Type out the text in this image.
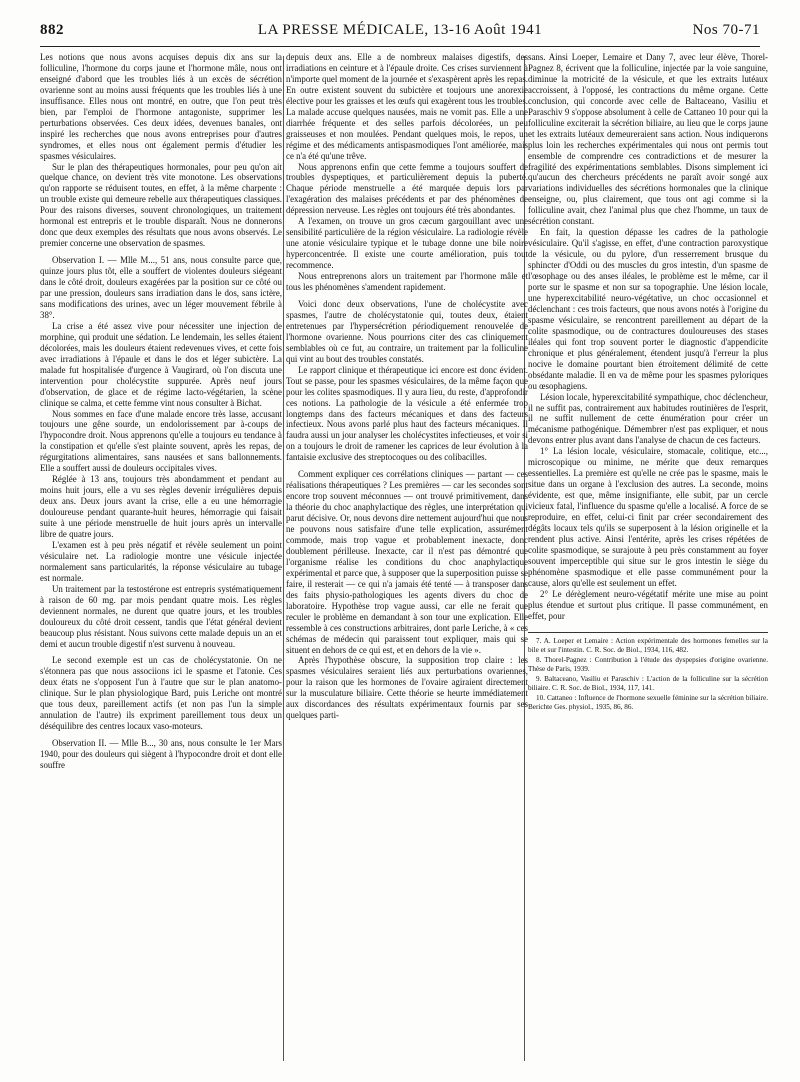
882	LA PRESSE MÉDICALE, 13-16 Août 1941	Nos 70-71

Les notions que nous avons acquises depuis dix ans sur la folliculine, l'hormone du corps jaune et l'hormone mâle, nous ont enseigné d'abord que les troubles liés à un excès de sécrétion ovarienne sont au moins aussi fréquents que les troubles liés à une insuffisance. Elles nous ont montré, en outre, que l'on peut très bien, par l'emploi de l'hormone antagoniste, supprimer les perturbations observées. Ces deux idées, devenues banales, ont inspiré les recherches que nous avons entreprises pour d'autres syndromes, et elles nous ont également permis d'étudier les spasmes vésiculaires.

Sur le plan des thérapeutiques hormonales, pour peu qu'on ait quelque chance, on devient très vite monotone. Les observations qu'on rapporte se réduisent toutes, en effet, à la même charpente : un trouble existe qui demeure rebelle aux thérapeutiques classiques. Pour des raisons diverses, souvent chronologiques, un traitement hormonal est entrepris et le trouble disparaît. Nous ne donnerons donc que deux exemples des résultats que nous avons observés. Le premier concerne une observation de spasmes.

Observation I. — Mlle M..., 51 ans, nous consulte parce que, quinze jours plus tôt, elle a souffert de violentes douleurs siégeant dans le côté droit, douleurs exagérées par la position sur ce côté ou par une pression, douleurs sans irradiation dans le dos, sans ictère, sans modifications des urines, avec un léger mouvement fébrile à 38°.

La crise a été assez vive pour nécessiter une injection de morphine, qui produit une sédation. Le lendemain, les selles étaient décolorées, mais les douleurs étaient redevenues vives, et cette fois avec irradiations à l'épaule et dans le dos et léger subictère. La malade fut hospitalisée d'urgence à Vaugirard, où l'on discuta une intervention pour cholécystite suppurée. Après neuf jours d'observation, de glace et de régime lacto-végétarien, la scène clinique se calma, et cette femme vint nous consulter à Bichat.

Nous sommes en face d'une malade encore très lasse, accusant toujours une gêne sourde, un endolorissement par à-coups de l'hypocondre droit. Nous apprenons qu'elle a toujours eu tendance à la constipation et qu'elle s'est plainte souvent, après les repas, de régurgitations alimentaires, sans nausées et sans ballonnements. Elle a souffert aussi de douleurs occipitales vives.

Réglée à 13 ans, toujours très abondamment et pendant au moins huit jours, elle a vu ses règles devenir irrégulières depuis deux ans. Deux jours avant la crise, elle a eu une hémorragie douloureuse pendant quarante-huit heures, hémorragie qui faisait suite à une période menstruelle de huit jours après un intervalle libre de quatre jours.

L'examen est à peu près négatif et révèle seulement un point vésiculaire net. La radiologie montre une vésicule injectée normalement sans particularités, la réponse vésiculaire au tubage est normale.

Un traitement par la testostérone est entrepris systématiquement à raison de 60 mg. par mois pendant quatre mois. Les règles deviennent normales, ne durent que quatre jours, et les troubles douloureux du côté droit cessent, tandis que l'état général devient beaucoup plus résistant. Nous suivons cette malade depuis un an et demi et aucun trouble digestif n'est survenu à nouveau.

Le second exemple est un cas de cholécystatonie. On ne s'étonnera pas que nous associions ici le spasme et l'atonie. Ces deux états ne s'opposent l'un à l'autre que sur le plan anatomo-clinique. Sur le plan physiologique Bard, puis Leriche ont montré que tous deux, pareillement actifs (et non pas l'un la simple annulation de l'autre) ils expriment pareillement tous deux un déséquilibre des centres locaux vaso-moteurs.

Observation II. — Mlle B..., 30 ans, nous consulte le 1er Mars 1940, pour des douleurs qui siègent à l'hypocondre droit et dont elle souffre

depuis deux ans. Elle a de nombreux malaises digestifs, des irradiations en ceinture et à l'épaule droite. Ces crises surviennent à n'importe quel moment de la journée et s'exaspèrent après les repas. En outre existent souvent du subictère et toujours une anorexie élective pour les graisses et les œufs qui exagèrent tous les troubles. La malade accuse quelques nausées, mais ne vomit pas. Elle a une diarrhée fréquente et des selles parfois décolorées, un peu graisseuses et non moulées. Pendant quelques mois, le repos, un régime et des médicaments antispasmodiques l'ont améliorée, mais ce n'a été qu'une trêve.

Nous apprenons enfin que cette femme a toujours souffert de troubles dyspeptiques, et particulièrement depuis la puberté. Chaque période menstruelle a été marquée depuis lors par l'exagération des malaises précédents et par des phénomènes de dépression nerveuse. Les règles ont toujours été très abondantes.

A l'examen, on trouve un gros cæcum gargouillant avec une sensibilité particulière de la région vésiculaire. La radiologie révèle une atonie vésiculaire typique et le tubage donne une bile noire hyperconcentrée. Il existe une courte amélioration, puis tout recommence.

Nous entreprenons alors un traitement par l'hormone mâle et tous les phénomènes s'amendent rapidement.

Voici donc deux observations, l'une de cholécystite avec spasmes, l'autre de cholécystatonie qui, toutes deux, étaient entretenues par l'hypersécrétion périodiquement renouvelée de l'hormone ovarienne. Nous pourrions citer des cas cliniquement semblables où ce fut, au contraire, un traitement par la folliculine qui vint au bout des troubles constatés.

Le rapport clinique et thérapeutique ici encore est donc évident. Tout se passe, pour les spasmes vésiculaires, de la même façon que pour les colites spasmodiques. Il y aura lieu, du reste, d'approfondir ces notions. La pathologie de la vésicule a été enfermée trop longtemps dans des facteurs mécaniques et dans des facteurs infectieux. Nous avons parlé plus haut des facteurs mécaniques. Il faudra aussi un jour analyser les cholécystites infectieuses, et voir si on a toujours le droit de ramener les caprices de leur évolution à la fantaisie exclusive des streptocoques ou des colibacilles.

Comment expliquer ces corrélations cliniques — partant — ces réalisations thérapeutiques ? Les premières — car les secondes sont encore trop souvent méconnues — ont trouvé primitivement, dans la théorie du choc anaphylactique des règles, une interprétation qui parut décisive. Or, nous devons dire nettement aujourd'hui que nous ne pouvons nous satisfaire d'une telle explication, assurément commode, mais trop vague et probablement inexacte, donc doublement périlleuse. Inexacte, car il n'est pas démontré que l'organisme réalise les conditions du choc anaphylactique expérimental et parce que, à supposer que la superposition puisse se faire, il resterait — ce qui n'a jamais été tenté — à transposer dans des faits physio-pathologiques les agents divers du choc de laboratoire. Hypothèse trop vague aussi, car elle ne ferait que reculer le problème en demandant à son tour une explication. Elle ressemble à ces constructions arbitraires, dont parle Leriche, à « ces schémas de médecin qui paraissent tout expliquer, mais qui se situent en dehors de ce qui est, et en dehors de la vie ».

Après l'hypothèse obscure, la supposition trop claire : les spasmes vésiculaires seraient liés aux perturbations ovariennes, pour la raison que les hormones de l'ovaire agiraient directement sur la musculature biliaire. Cette théorie se heurte immédiatement aux discordances des résultats expérimentaux fournis par ses quelques parti-

sans. Ainsi Loeper, Lemaire et Dany 7, avec leur élève, Thorel-Pagnez 8, écrivent que la folliculine, injectée par la voie sanguine, diminue la motricité de la vésicule, et que les extraits lutéaux accroissent, à l'opposé, les contractions du même organe. Cette conclusion, qui concorde avec celle de Baltaceano, Vasiliu et Paraschiv 9 s'oppose absolument à celle de Cattaneo 10 pour qui la folliculine exciterait la sécrétion biliaire, au lieu que le corps jaune et les extraits lutéaux demeureraient sans action. Nous indiquerons plus loin les recherches expérimentales qui nous ont permis tout ensemble de comprendre ces contradictions et de mesurer la fragilité des expérimentations semblables. Disons simplement ici qu'aucun des chercheurs précédents ne paraît avoir songé aux variations individuelles des sécrétions hormonales que la clinique enseigne, ou, plus clairement, que tous ont agi comme si la folliculine avait, chez l'animal plus que chez l'homme, un taux de sécrétion constant.

En fait, la question dépasse les cadres de la pathologie vésiculaire. Qu'il s'agisse, en effet, d'une contraction paroxystique de la vésicule, ou du pylore, d'un resserrement brusque du sphincter d'Oddi ou des muscles du gros intestin, d'un spasme de l'œsophage ou des anses iléales, le problème est le même, car il porte sur le spasme et non sur sa topographie. Une lésion locale, une hyperexcitabilité neuro-végétative, un choc occasionnel et déclenchant : ces trois facteurs, que nous avons notés à l'origine du spasme vésiculaire, se rencontrent pareillement au départ de la colite spasmodique, ou de contractures douloureuses des stases iléales qui font trop souvent porter le diagnostic d'appendicite chronique et plus généralement, étendent jusqu'à l'erreur la plus nocive le domaine pourtant bien étroitement délimité de cette obsédante maladie. Il en va de même pour les spasmes pyloriques ou œsophagiens.

Lésion locale, hyperexcitabilité sympathique, choc déclencheur, il ne suffit pas, contrairement aux habitudes routinières de l'esprit, il ne suffit nullement de cette énumération pour créer un mécanisme pathogénique. Démembrer n'est pas expliquer, et nous devons entrer plus avant dans l'analyse de chacun de ces facteurs.

1° La lésion locale, vésiculaire, stomacale, colitique, etc..., microscopique ou minime, ne mérite que deux remarques essentielles. La première est qu'elle ne crée pas le spasme, mais le situe dans un organe à l'exclusion des autres. La seconde, moins évidente, est que, même insignifiante, elle subit, par un cercle vicieux fatal, l'influence du spasme qu'elle a localisé. A force de se reproduire, en effet, celui-ci finit par créer secondairement des dégâts locaux tels qu'ils se superposent à la lésion originelle et la rendent plus active. Ainsi l'entérite, après les crises répétées de colite spasmodique, se surajoute à peu près constamment au foyer souvent imperceptible qui situe sur le gros intestin le siège du phénomène spasmodique et elle passe communément pour la cause, alors qu'elle est seulement un effet.

2° Le dérèglement neuro-végétatif mérite une mise au point plus étendue et surtout plus critique. Il passe communément, en effet, pour

7. A. Loeper et Lemaire : Action expérimentale des hormones femelles sur la bile et sur l'intestin. C. R. Soc. de Biol., 1934, 116, 482.

8. Thorel-Pagnez : Contribution à l'étude des dyspepsies d'origine ovarienne. Thèse de Paris, 1939.

9. Baltaceano, Vasiliu et Paraschiv : L'action de la folliculine sur la sécrétion biliaire. C. R. Soc. de Biol., 1934, 117, 141.

10. Cattaneo : Influence de l'hormone sexuelle féminine sur la sécrétion biliaire. Berichte Ges. physiol., 1935, 86, 86.
